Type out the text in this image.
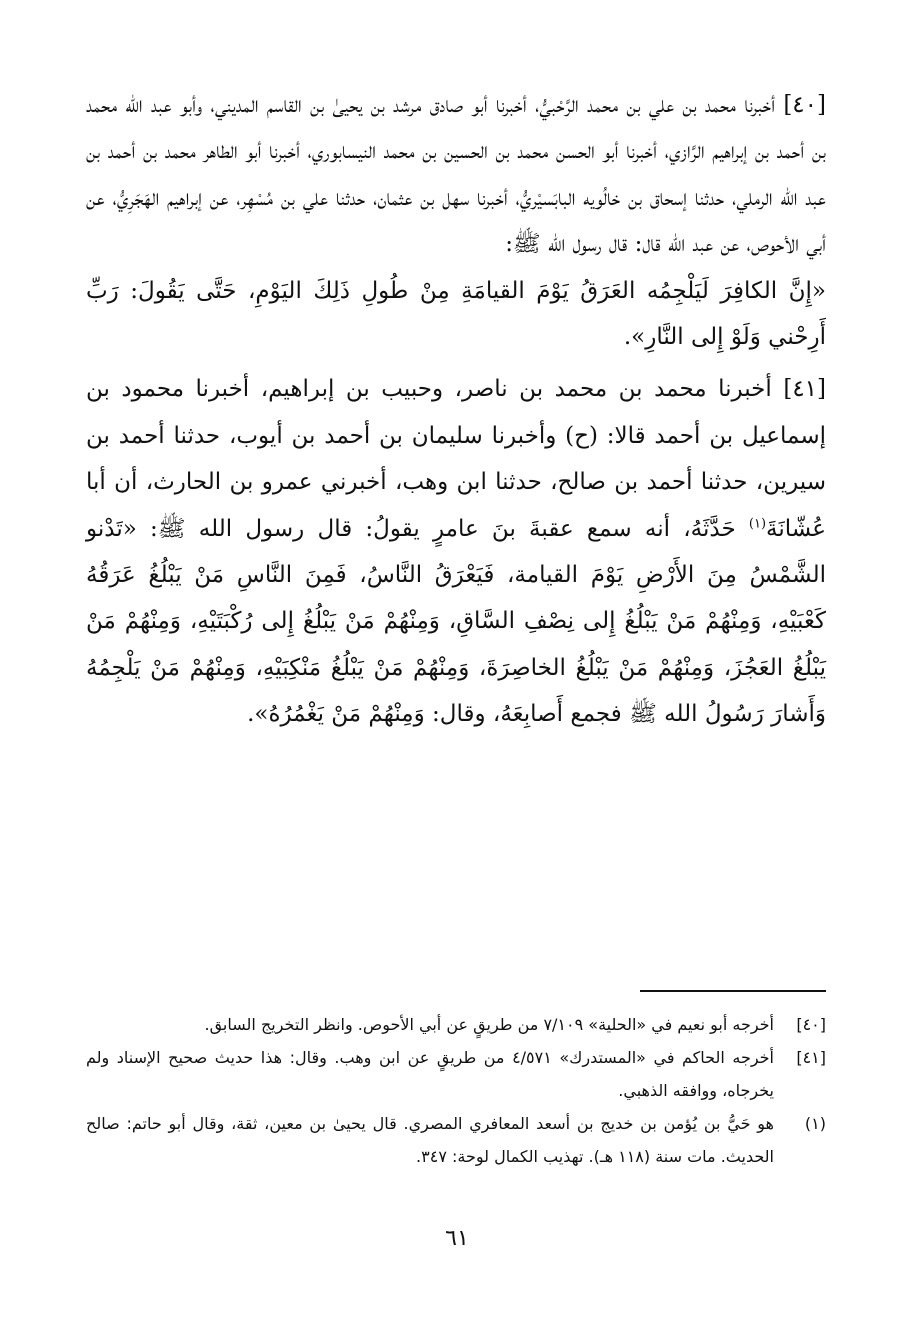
[٤٠] أخبرنا محمد بن علي بن محمد الرَّحْبيُّ، أخبرنا أبو صادق مرشد بن يحيىٰ بن القاسم المديني، وأبو عبد الله محمد بن أحمد بن إبراهيم الرَّازي، أخبرنا أبو الحسن محمد بن الحسين بن محمد النيسابوري، أخبرنا أبو الطاهر محمد بن أحمد بن عبد الله الرملي، حدثنا إسحاق بن خالُويه البابَسيْريُّ، أخبرنا سهل بن عثمان، حدثنا علي بن مُسْهِر، عن إبراهيم الهَجَرِيُّ، عن أبي الأحوص، عن عبد الله قال: قال رسول الله ﷺ:

«إِنَّ الكافِرَ لَيَلْجِمُه العَرَقُ يَوْمَ القيامَةِ مِنْ طُولِ ذَلِكَ اليَوْمِ، حَتَّى يَقُولَ: رَبِّ أَرِحْني وَلَوْ إِلى النَّارِ».

[٤١] أخبرنا محمد بن محمد بن ناصر، وحبيب بن إبراهيم، أخبرنا محمود بن إسماعيل بن أحمد قالا: (ح) وأخبرنا سليمان بن أحمد بن أيوب، حدثنا أحمد بن سيرين، حدثنا أحمد بن صالح، حدثنا ابن وهب، أخبرني عمرو بن الحارث، أن أبا عُشّانَةَ$^{(١)}$ حَدَّثَهُ، أنه سمع عقبةَ بنَ عامرٍ يقولُ: قال رسول الله ﷺ: «تَدْنو الشَّمْسُ مِنَ الأَرْضِ يَوْمَ القيامة، فَيَعْرَقُ النَّاسُ، فَمِنَ النَّاسِ مَنْ يَبْلُغُ عَرَقُهُ كَعْبَيْهِ، وَمِنْهُمْ مَنْ يَبْلُغُ إِلى نِصْفِ السَّاقِ، وَمِنْهُمْ مَنْ يَبْلُغُ إِلى رُكْبَتَيْهِ، وَمِنْهُمْ مَنْ يَبْلُغُ العَجُزَ، وَمِنْهُمْ مَنْ يَبْلُغُ الخاصِرَةَ، وَمِنْهُمْ مَنْ يَبْلُغُ مَنْكِبَيْهِ، وَمِنْهُمْ مَنْ يَلْجِمُهُ وَأَشارَ رَسُولُ الله ﷺ فجمع أَصابِعَهُ، وقال: وَمِنْهُمْ مَنْ يَغْمُرُهُ».

[٤٠]
أخرجه أبو نعيم في «الحلية» ٧/١٠٩ من طريقٍ عن أبي الأحوص. وانظر التخريج السابق.
[٤١]
أخرجه الحاكم في «المستدرك» ٤/٥٧١ من طريقٍ عن ابن وهب. وقال: هذا حديث صحيح الإسناد ولم يخرجاه، ووافقه الذهبي.
(١)
هو حَيُّ بن يُؤمن بن خديج بن أسعد المعافري المصري. قال يحيىٰ بن معين، ثقة، وقال أبو حاتم: صالح الحديث. مات سنة (١١٨ هـ). تهذيب الكمال لوحة: ٣٤٧.
٦١
